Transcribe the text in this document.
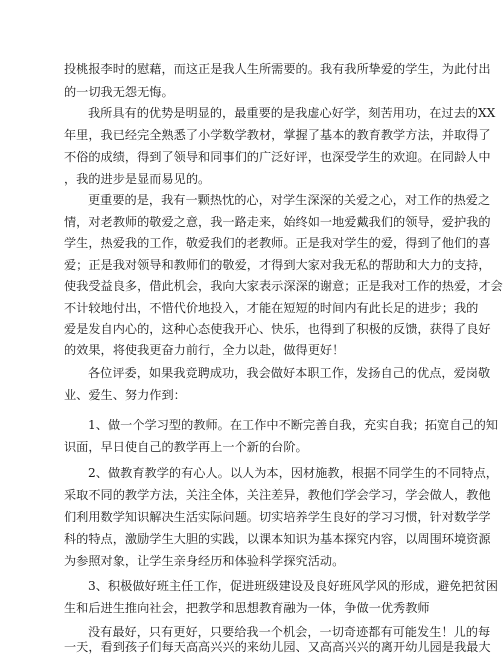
投桃报李时的慰藉，而这正是我人生所需要的。我有我所挚爱的学生，为此付出
的一切我无怨无悔。
我所具有的优势是明显的，最重要的是我虚心好学，刻苦用功，在过去的XX
年里，我已经完全熟悉了小学数学教材，掌握了基本的教育教学方法，并取得了
不俗的成绩，得到了领导和同事们的广泛好评，也深受学生的欢迎。在同龄人中
，我的进步是显而易见的。
更重要的是，我有一颗热忱的心，对学生深深的关爱之心，对工作的热爱之
情，对老教师的敬爱之意，我一路走来，始终如一地爱戴我们的领导，爱护我的
学生，热爱我的工作，敬爱我们的老教师。正是我对学生的爱，得到了他们的喜
爱；正是我对领导和教师们的敬爱，才得到大家对我无私的帮助和大力的支持，
使我受益良多，借此机会，我向大家表示深深的谢意；正是我对工作的热爱，才会
不计较地付出，不惜代价地投入，才能在短短的时间内有此长足的进步；我的
爱是发自内心的，这种心态使我开心、快乐，也得到了积极的反馈，获得了良好
的效果，将使我更奋力前行，全力以赴，做得更好！
各位评委，如果我竞聘成功，我会做好本职工作，发扬自己的优点，爱岗敬
业、爱生、努力作到：
1、做一个学习型的教师。在工作中不断完善自我，充实自我；拓宽自己的知
识面，早日使自己的教学再上一个新的台阶。
2、做教育教学的有心人。以人为本，因材施教，根据不同学生的不同特点，
采取不同的教学方法，关注全体，关注差异，教他们学会学习，学会做人，教他
们利用数学知识解决生活实际问题。切实培养学生良好的学习习惯，针对数学学
科的特点，激励学生大胆的实践，以课本知识为基本探究内容，以周围环境资源
为参照对象，让学生亲身经历和体验科学探究活动。
3、积极做好班主任工作，促进班级建设及良好班风学风的形成，避免把贫困
生和后进生推向社会，把教学和思想教育融为一体，争做一优秀教师
没有最好，只有更好，只要给我一个机会，一切奇迹都有可能发生！儿的每
一天，看到孩子们每天高高兴兴的来幼儿园、又高高兴兴的离开幼儿园是我最大
